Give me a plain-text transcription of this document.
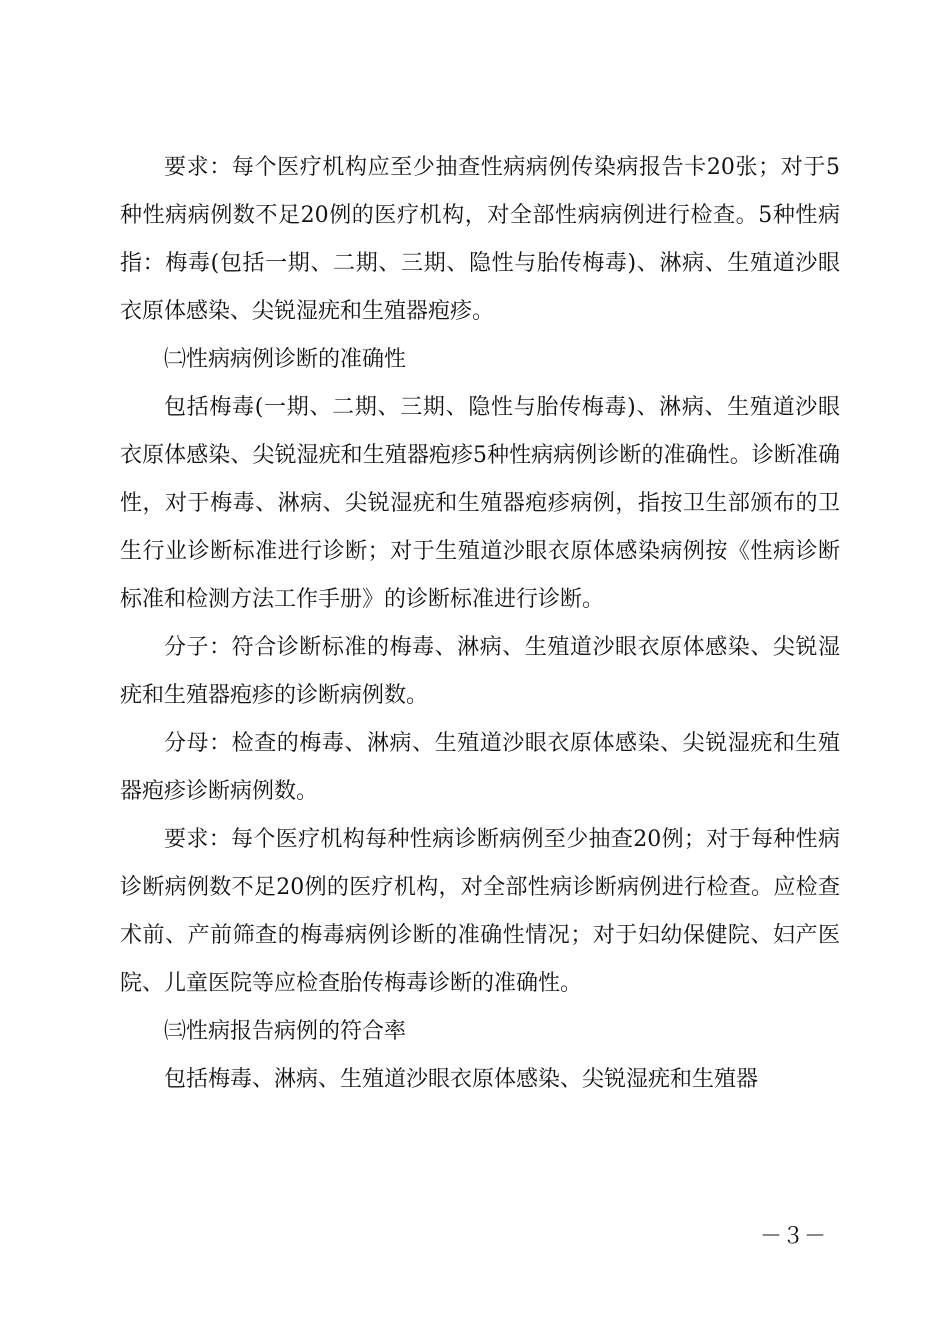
要求：每个医疗机构应至少抽查性病病例传染病报告卡20张；对于5种性病病例数不足20例的医疗机构，对全部性病病例进行检查。5种性病指：梅毒(包括一期、二期、三期、隐性与胎传梅毒)、淋病、生殖道沙眼衣原体感染、尖锐湿疣和生殖器疱疹。

㈡性病病例诊断的准确性

包括梅毒(一期、二期、三期、隐性与胎传梅毒)、淋病、生殖道沙眼衣原体感染、尖锐湿疣和生殖器疱疹5种性病病例诊断的准确性。诊断准确性，对于梅毒、淋病、尖锐湿疣和生殖器疱疹病例，指按卫生部颁布的卫生行业诊断标准进行诊断；对于生殖道沙眼衣原体感染病例按《性病诊断标准和检测方法工作手册》的诊断标准进行诊断。

分子：符合诊断标准的梅毒、淋病、生殖道沙眼衣原体感染、尖锐湿疣和生殖器疱疹的诊断病例数。

分母：检查的梅毒、淋病、生殖道沙眼衣原体感染、尖锐湿疣和生殖器疱疹诊断病例数。

要求：每个医疗机构每种性病诊断病例至少抽查20例；对于每种性病诊断病例数不足20例的医疗机构，对全部性病诊断病例进行检查。应检查术前、产前筛查的梅毒病例诊断的准确性情况；对于妇幼保健院、妇产医院、儿童医院等应检查胎传梅毒诊断的准确性。

㈢性病报告病例的符合率

包括梅毒、淋病、生殖道沙眼衣原体感染、尖锐湿疣和生殖器

－３－
